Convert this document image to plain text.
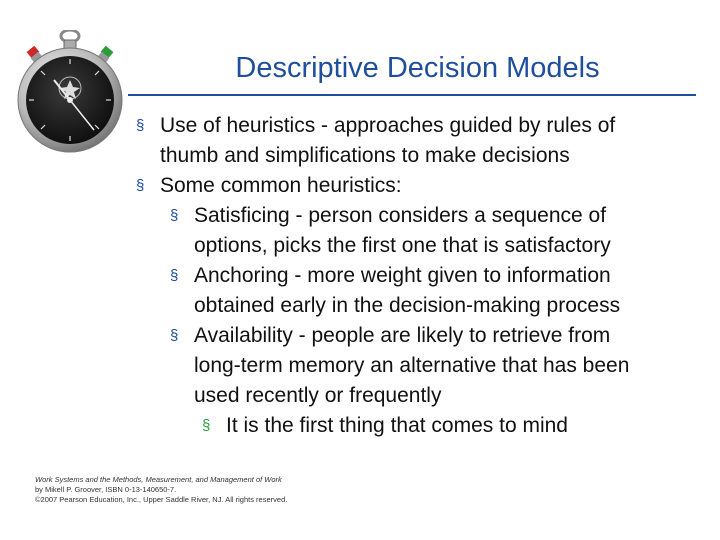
Descriptive Decision Models
§ Use of heuristics - approaches guided by rules of
thumb and simplifications to make decisions
§ Some common heuristics:
§ Satisficing - person considers a sequence of
options, picks the first one that is satisfactory
§ Anchoring - more weight given to information
obtained early in the decision-making process
§ Availability - people are likely to retrieve from
long-term memory an alternative that has been
used recently or frequently
§ It is the first thing that comes to mind
Work Systems and the Methods, Measurement, and Management of Work
by Mikell P. Groover, ISBN 0-13-140650-7.
©2007 Pearson Education, Inc., Upper Saddle River, NJ. All rights reserved.
